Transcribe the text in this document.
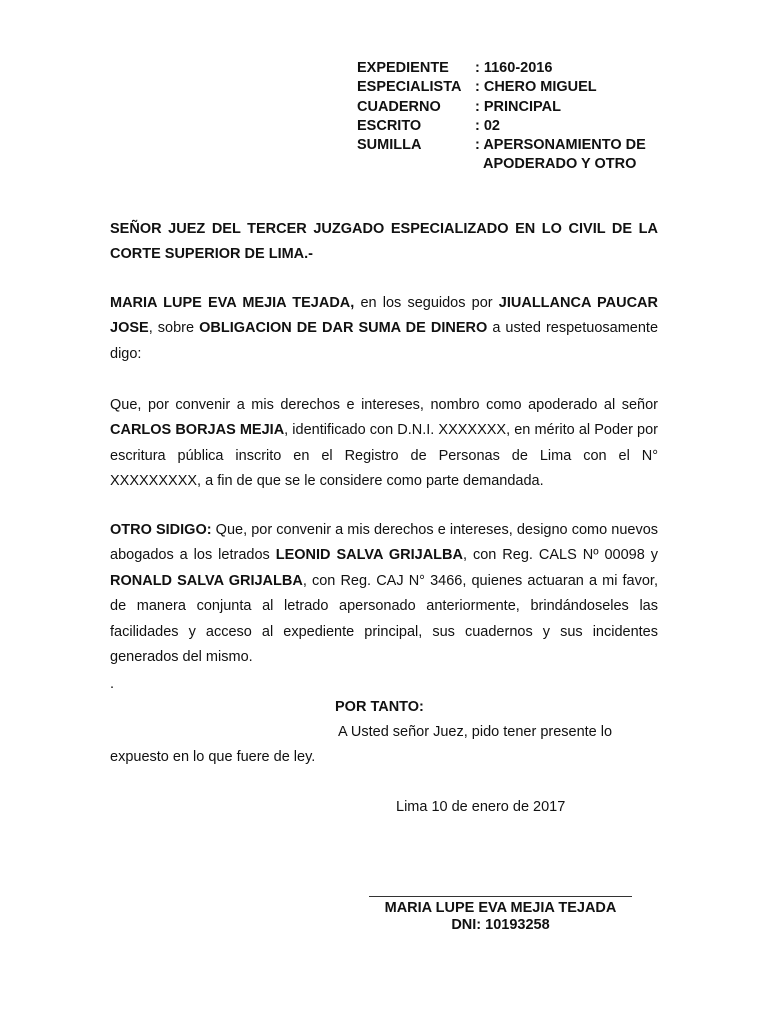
EXPEDIENTE	: 1160-2016
ESPECIALISTA : CHERO MIGUEL
CUADERNO	: PRINCIPAL
ESCRITO	: 02
SUMILLA	: APERSONAMIENTO DE
APODERADO Y OTRO
SEÑOR JUEZ DEL TERCER JUZGADO ESPECIALIZADO EN LO CIVIL DE LA CORTE SUPERIOR DE LIMA.-
MARIA LUPE EVA MEJIA TEJADA, en los seguidos por JIUALLANCA PAUCAR JOSE, sobre OBLIGACION DE DAR SUMA DE DINERO a usted respetuosamente digo:
Que, por convenir a mis derechos e intereses, nombro como apoderado al señor CARLOS BORJAS MEJIA, identificado con D.N.I. XXXXXXX, en mérito al Poder por escritura pública inscrito en el Registro de Personas de Lima con el N° XXXXXXXXX, a fin de que se le considere como parte demandada.
OTRO SIDIGO: Que, por convenir a mis derechos e intereses, designo como nuevos abogados a los letrados LEONID SALVA GRIJALBA, con Reg. CALS Nº 00098 y RONALD SALVA GRIJALBA, con Reg. CAJ N° 3466, quienes actuaran a mi favor, de manera conjunta al letrado apersonado anteriormente, brindándoseles las facilidades y acceso al expediente principal, sus cuadernos y sus incidentes generados del mismo.
.
POR TANTO:
A Usted señor Juez, pido tener presente lo
expuesto en lo que fuere de ley.
Lima 10 de enero de 2017
MARIA LUPE EVA MEJIA TEJADA
DNI: 10193258
